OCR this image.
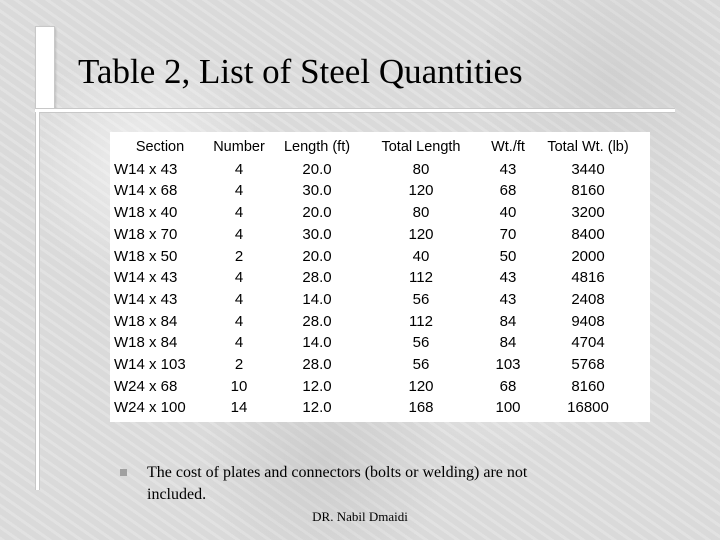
Table 2, List of Steel Quantities
Section	Number	Length (ft)	Total Length	Wt./ft	Total Wt. (lb)
W14 x 43	4	20.0	80	43	3440
W14 x 68	4	30.0	120	68	8160
W18 x 40	4	20.0	80	40	3200
W18 x 70	4	30.0	120	70	8400
W18 x 50	2	20.0	40	50	2000
W14 x 43	4	28.0	112	43	4816
W14 x 43	4	14.0	56	43	2408
W18 x 84	4	28.0	112	84	9408
W18 x 84	4	14.0	56	84	4704
W14 x 103	2	28.0	56	103	5768
W24 x 68	10	12.0	120	68	8160
W24 x 100	14	12.0	168	100	16800
The cost of plates and connectors (bolts or welding) are not included.
DR. Nabil Dmaidi
